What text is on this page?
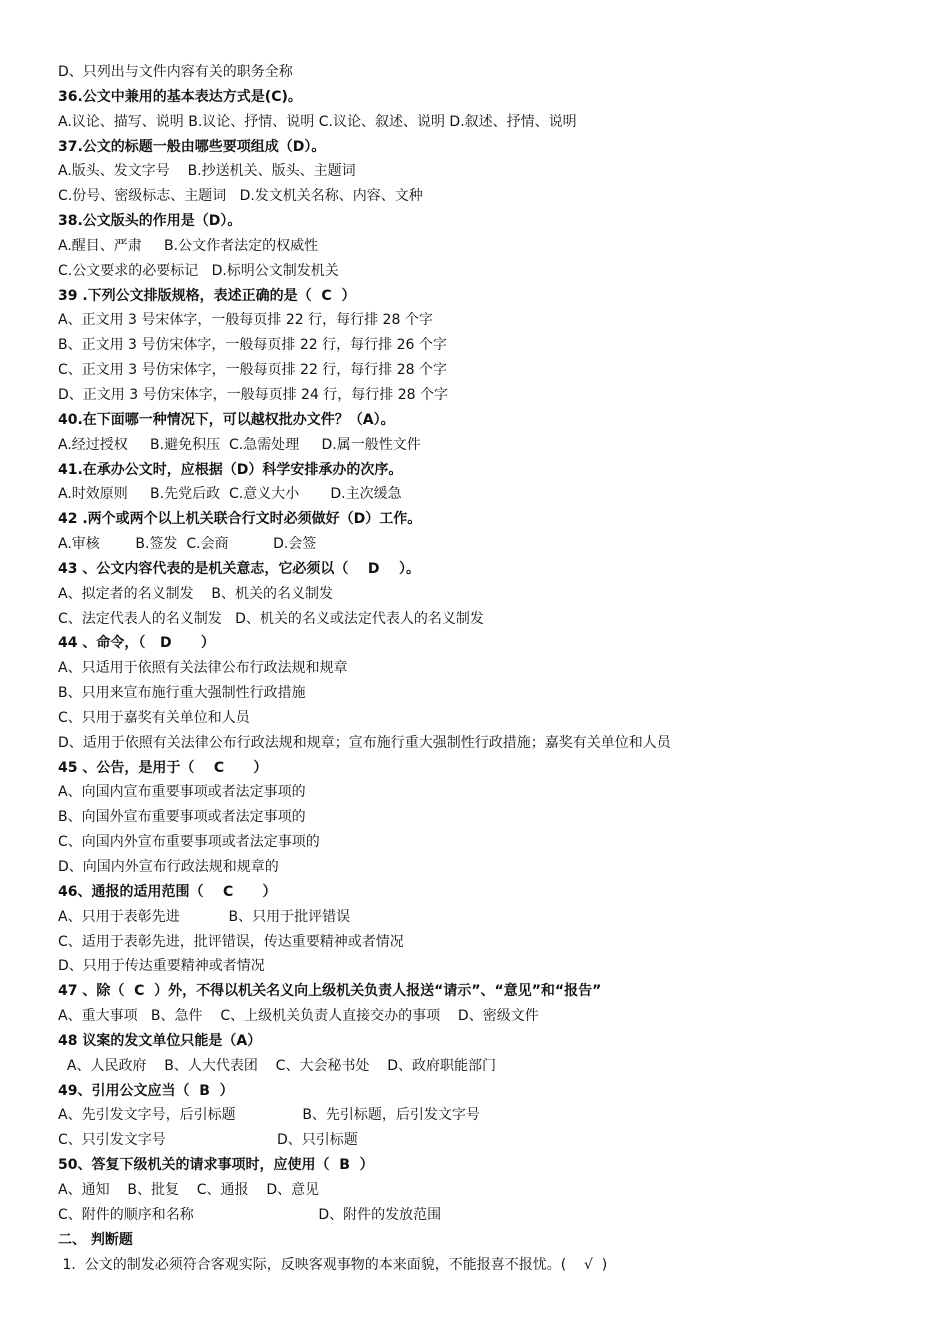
D、只列出与文件内容有关的职务全称
36.公文中兼用的基本表达方式是(C)。
A.议论、描写、说明 B.议论、抒情、说明 C.议论、叙述、说明 D.叙述、抒情、说明
37.公文的标题一般由哪些要项组成（D）。
A.版头、发文字号    B.抄送机关、版头、主题词
C.份号、密级标志、主题词   D.发文机关名称、内容、文种
38.公文版头的作用是（D）。
A.醒目、严肃     B.公文作者法定的权威性
C.公文要求的必要标记   D.标明公文制发机关
39 .下列公文排版规格，表述正确的是（  C  ）
A、正文用 3 号宋体字，一般每页排 22 行，每行排 28 个字
B、正文用 3 号仿宋体字，一般每页排 22 行，每行排 26 个字
C、正文用 3 号仿宋体字，一般每页排 22 行，每行排 28 个字
D、正文用 3 号仿宋体字，一般每页排 24 行，每行排 28 个字
40.在下面哪一种情况下，可以越权批办文件？（A）。
A.经过授权     B.避免积压  C.急需处理     D.属一般性文件
41.在承办公文时，应根据（D）科学安排承办的次序。
A.时效原则     B.先党后政  C.意义大小       D.主次缓急
42 .两个或两个以上机关联合行文时必须做好（D）工作。
A.审核        B.签发  C.会商          D.会签
43 、公文内容代表的是机关意志，它必须以（    D    ）。
A、拟定者的名义制发    B、机关的名义制发
C、法定代表人的名义制发   D、机关的名义或法定代表人的名义制发
44 、命令，（   D      ）
A、只适用于依照有关法律公布行政法规和规章
B、只用来宣布施行重大强制性行政措施
C、只用于嘉奖有关单位和人员
D、适用于依照有关法律公布行政法规和规章；宣布施行重大强制性行政措施；嘉奖有关单位和人员
45 、公告，是用于（    C      ）
A、向国内宣布重要事项或者法定事项的
B、向国外宣布重要事项或者法定事项的
C、向国内外宣布重要事项或者法定事项的
D、向国内外宣布行政法规和规章的
46、通报的适用范围（    C      ）
A、只用于表彰先进           B、只用于批评错误
C、适用于表彰先进，批评错误，传达重要精神或者情况
D、只用于传达重要精神或者情况
47 、除（  C  ）外，不得以机关名义向上级机关负责人报送“请示”、“意见”和“报告”
A、重大事项   B、急件    C、上级机关负责人直接交办的事项    D、密级文件
48 议案的发文单位只能是（A）
A、人民政府    B、人大代表团    C、大会秘书处    D、政府职能部门
49、引用公文应当（  B  ）
A、先引发文字号，后引标题               B、先引标题，后引发文字号
C、只引发文字号                         D、只引标题
50、答复下级机关的请求事项时，应使用（  B  ）
A、通知    B、批复    C、通报    D、意见
C、附件的顺序和名称                            D、附件的发放范围
二、 判断题
1.  公文的制发必须符合客观实际，反映客观事物的本来面貌，不能报喜不报忧。(    √  )
